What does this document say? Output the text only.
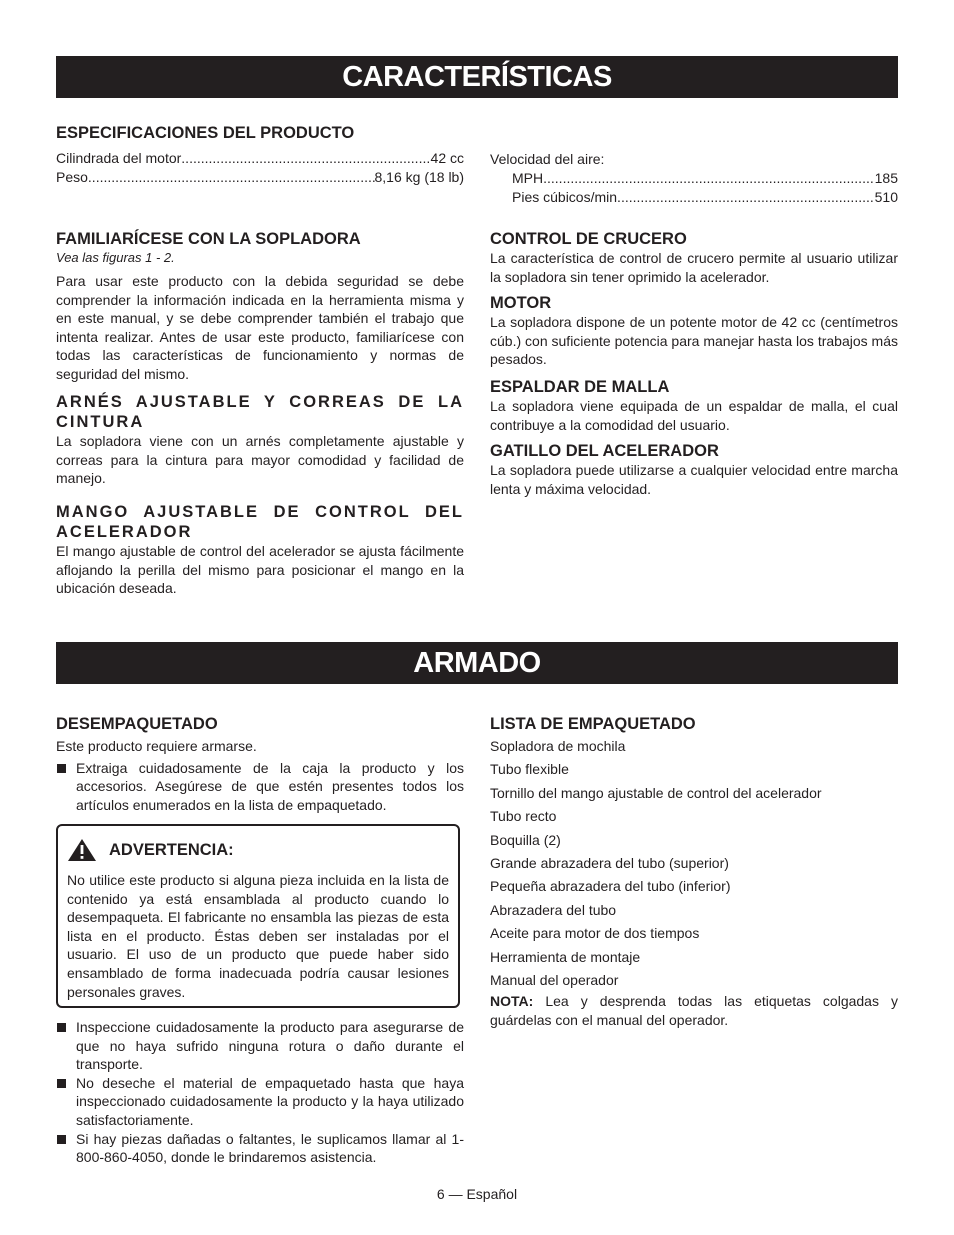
CARACTERÍSTICAS
ESPECIFICACIONES DEL PRODUCTO
Cilindrada del motor .....	42 cc
Peso .....	8,16 kg (18 lb)
FAMILIARÍCESE CON LA SOPLADORA
Vea las figuras 1 - 2.

Para usar este producto con la debida seguridad se debe comprender la información indicada en la herramienta misma y en este manual, y se debe comprender también el trabajo que intenta realizar. Antes de usar este producto, familiarícese con todas las características de funcionamiento y normas de seguridad del mismo.

ARNÉS AJUSTABLE Y CORREAS DE LA CINTURA

La sopladora viene con un arnés completamente ajustable y correas para la cintura para mayor comodidad y facilidad de manejo.

MANGO AJUSTABLE DE CONTROL DEL ACELERADOR

El mango ajustable de control del acelerador se ajusta fácilmente aflojando la perilla del mismo para posicionar el mango en la ubicación deseada.

Velocidad del aire:
MPH .....	185
Pies cúbicos/min. .....	510
CONTROL DE CRUCERO

La característica de control de crucero permite al usuario utilizar la sopladora sin tener oprimido la acelerador.

MOTOR

La sopladora dispone de un potente motor de 42 cc (centímetros cúb.) con suficiente potencia para manejar hasta los trabajos más pesados.

ESPALDAR DE MALLA

La sopladora viene equipada de un espaldar de malla, el cual contribuye a la comodidad del usuario.

GATILLO DEL ACELERADOR

La sopladora puede utilizarse a cualquier velocidad entre marcha lenta y máxima velocidad.

ARMADO
DESEMPAQUETADO

Este producto requiere armarse.

Extraiga cuidadosamente de la caja la producto y los accesorios. Asegúrese de que estén presentes todos los artículos enumerados en la lista de empaquetado.
ADVERTENCIA:
No utilice este producto si alguna pieza incluida en la lista de contenido ya está ensamblada al producto cuando lo desempaqueta. El fabricante no ensambla las piezas de esta lista en el producto. Éstas deben ser instaladas por el usuario. El uso de un producto que puede haber sido ensamblado de forma inadecuada podría causar lesiones personales graves.
Inspeccione cuidadosamente la producto para asegurarse de que no haya sufrido ninguna rotura o daño durante el transporte.
No deseche el material de empaquetado hasta que haya inspeccionado cuidadosamente la producto y la haya utilizado satisfactoriamente.
Si hay piezas dañadas o faltantes, le suplicamos llamar al 1-800-860-4050, donde le brindaremos asistencia.
LISTA DE EMPAQUETADO
Sopladora de mochila
Tubo flexible
Tornillo del mango ajustable de control del acelerador
Tubo recto
Boquilla (2)
Grande abrazadera del tubo (superior)
Pequeña abrazadera del tubo (inferior)
Abrazadera del tubo
Aceite para motor de dos tiempos
Herramienta de montaje
Manual del operador

NOTA: Lea y desprenda todas las etiquetas colgadas y guárdelas con el manual del operador.

6 — Español
